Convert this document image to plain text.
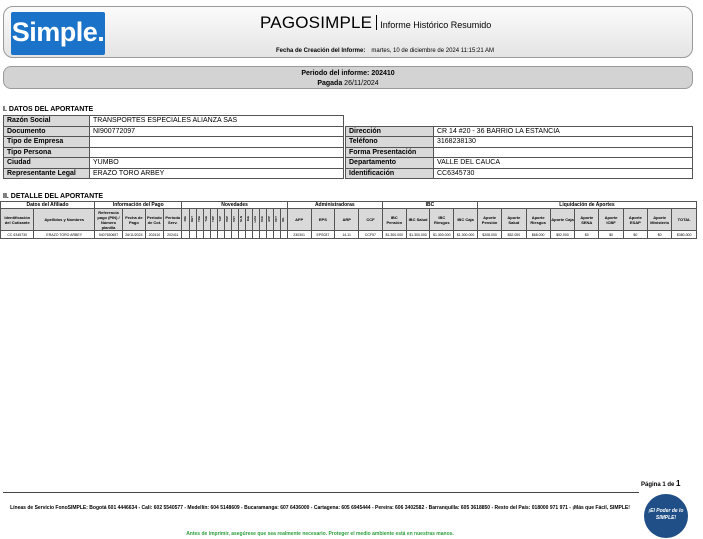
Simple.	PAGOSIMPLE Informe Histórico Resumido
Fecha de Creación del Informe: martes, 10 de diciembre de 2024 11:15:21 AM
Periodo del informe: 202410
Pagada 26/11/2024
I. DATOS DEL APORTANTE
Razón Social	TRANSPORTES ESPECIALES ALIANZA SAS			
Documento	NI900772097		Dirección	CR 14 #20 - 36 BARRIO LA ESTANCIA
Tipo de Empresa			Teléfono	3168238130
Tipo Persona			Forma Presentación	
Ciudad	YUMBO		Departamento	VALLE DEL CAUCA
Representante Legal	ERAZO TORO ARBEY		Identificación	CC6345730
II. DETALLE DEL APORTANTE
Datos del Afiliado		Información del Pago				Novedades															Administradoras				IBC				Liquidación de Aportes								
Identificación del Cotizante	Apellidos y Nombres	Referencia pago (PIN) / Número planilla	Fecha de Pago	Periodo de Cot.	Periodo Serv.	ING	RET	TDE	TAE	TDP	TAP	VSP	VST	SLN	IGE	LMA	VAC	AVP	VCT	IRL	AFP	EPS	ARP	CCF	IBC Pensión	IBC Salud	IBC Riesgos	IBC Caja	Aporte Pensión	Aporte Salud	Aporte Riesgos	Aporte Caja	Aporte SENA	Aporte ICBF	Aporte ESAP	Aporte Ministerio	TOTAL
CC 6345730	ERAZO TORO ARBEY	9407630657	26/11/2024	202410	202411																230301	EPS037	14-11	CCF57	$1.300.000	$1.300.000	$1.300.000	$1.300.000	$208.000	$52.000	$68.000	$52.000	$0	$0	$0	$0	$380.000
Página 1 de 1
Líneas de Servicio FonoSIMPLE: Bogotá 601 4446634 - Cali: 602 5540577 - Medellín: 604 5148609 - Bucaramanga: 607 6436000 - Cartagena: 605 6945444 - Pereira: 606 3402582 - Barranquilla: 605 3618850 - Resto del País: 018000 971 971 - ¡Más que Fácil, SIMPLE!
Antes de imprimir, asegúrese que sea realmente necesario. Proteger el medio ambiente está en nuestras manos.
¡El Poder de lo SIMPLE!
